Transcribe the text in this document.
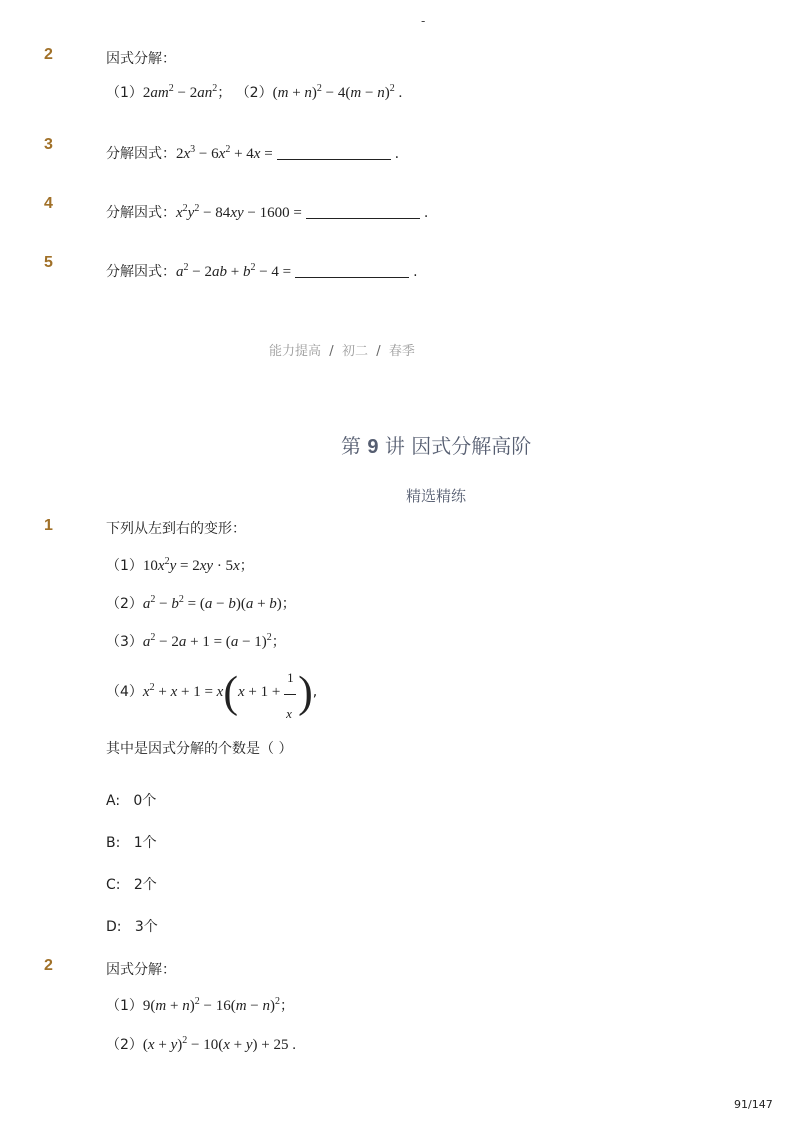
-
2	因式分解：
$(1)2am^2 - 2an^2$； $(2)(m + n)^2 - 4(m - n)^2$ .
3
分解因式：$2x^3 - 6x^2 + 4x$ =	.
4
分解因式：$x^2y^2 - 84xy - 1600$ =	.
5
分解因式：$a^2 - 2ab + b^2 - 4$ =	.
能力提高 / 初二 / 春季
第 9 讲 因式分解高阶
精选精练
1	下列从左到右的变形：
$(1)10x^2y = 2xy \cdot 5x$；
$(2)a^2 - b^2 = (a - b)(a + b)$；
$(3)a^2 - 2a + 1 = (a - 1)^2$；
$(4)x^2 + x + 1 = x(x + 1$ +
1
x ),
其中是因式分解的个数是（ ）
A: 0个
B: 1个
C: 2个
D: 3个
2	因式分解：
$(1)9(m + n)^2 - 16(m - n)^2$；
$(2)(x + y)^2 - 10(x + y) + 25$ .
91/147
